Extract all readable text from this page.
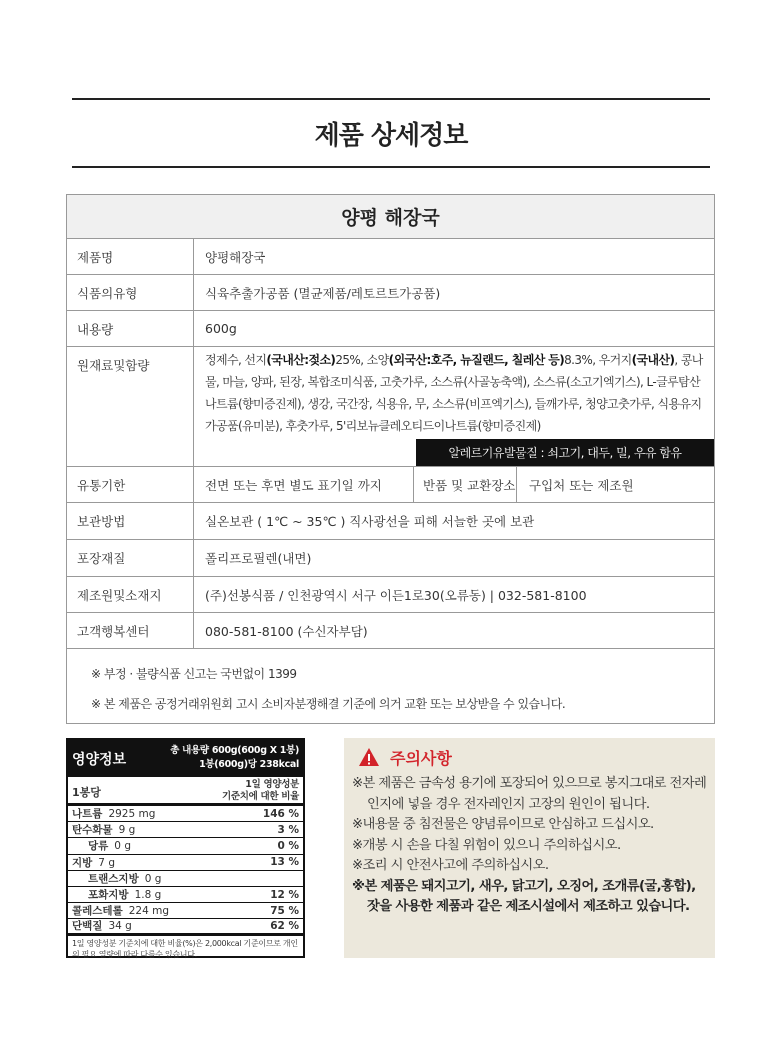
제품 상세정보
양평 해장국
제품명	양평해장국
식품의유형	식육추출가공품 (멸균제품/레토르트가공품)
내용량	600g
원재료및함량	정제수, 선지(국내산:젖소)25%, 소양(외국산:호주, 뉴질랜드, 칠레산 등)8.3%, 우거지(국내산), 콩나물, 마늘, 양파, 된장, 복합조미식품, 고춧가루, 소스류(사골농축액), 소스류(소고기엑기스), L-글루탐산나트륨(향미증진제), 생강, 국간장, 식용유, 무, 소스류(비프엑기스), 들깨가루, 청양고춧가루, 식용유지가공품(유미분), 후춧가루, 5'리보뉴클레오티드이나트륨(향미증진제)
알레르기유발물질 : 쇠고기, 대두, 밀, 우유 함유
유통기한	전면 또는 후면 별도 표기일 까지	반품 및 교환장소	구입처 또는 제조원
보관방법	실온보관 ( 1℃ ~ 35℃ ) 직사광선을 피해 서늘한 곳에 보관
포장재질	폴리프로필렌(내면)
제조원및소재지	(주)선봉식품 / 인천광역시 서구 이든1로30(오류동) | 032-581-8100
고객행복센터	080-581-8100 (수신자부담)

※ 부정 · 불량식품 신고는 국번없이 1399

※ 본 제품은 공정거래위원회 고시 소비자분쟁해결 기준에 의거 교환 또는 보상받을 수 있습니다.

영양정보
총 내용량 600g(600g X 1봉)
1봉(600g)당 238kcal
1봉당
1일 영양성분
기준치에 대한 비율
나트륨 2925 mg	146 %
탄수화물 9 g	3 %
당류 0 g	0 %
지방 7 g	13 %
트랜스지방 0 g
포화지방 1.8 g	12 %
콜레스테롤 224 mg	75 %
단백질 34 g	62 %
1일 영양성분 기준치에 대한 비율(%)은 2,000kcal 기준이므로 개인의 필요 열량에 따라 다를수 있습니다.
주의사항
※본 제품은 금속성 용기에 포장되어 있으므로 봉지그대로 전자레인지에 넣을 경우 전자레인지 고장의 원인이 됩니다.
※내용물 중 침전물은 양념류이므로 안심하고 드십시오.
※개봉 시 손을 다칠 위험이 있으니 주의하십시오.
※조리 시 안전사고에 주의하십시오.
※본 제품은 돼지고기, 새우, 닭고기, 오징어, 조개류(굴,홍합), 잣을 사용한 제품과 같은 제조시설에서 제조하고 있습니다.
